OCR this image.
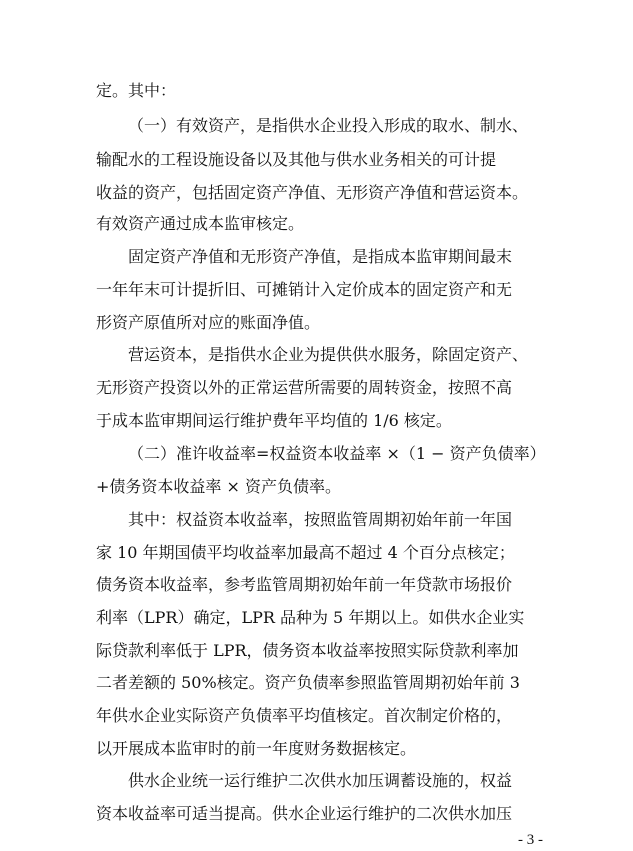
定。其中：
（一）有效资产，是指供水企业投入形成的取水、制水、
输配水的工程设施设备以及其他与供水业务相关的可计提
收益的资产，包括固定资产净值、无形资产净值和营运资本。
有效资产通过成本监审核定。
固定资产净值和无形资产净值，是指成本监审期间最末
一年年末可计提折旧、可摊销计入定价成本的固定资产和无
形资产原值所对应的账面净值。
营运资本，是指供水企业为提供供水服务，除固定资产、
无形资产投资以外的正常运营所需要的周转资金，按照不高
于成本监审期间运行维护费年平均值的 1/6 核定。
（二）准许收益率=权益资本收益率 ×（1 − 资产负债率）
+债务资本收益率 × 资产负债率。
其中：权益资本收益率，按照监管周期初始年前一年国
家 10 年期国债平均收益率加最高不超过 4 个百分点核定；
债务资本收益率，参考监管周期初始年前一年贷款市场报价
利率（LPR）确定，LPR 品种为 5 年期以上。如供水企业实
际贷款利率低于 LPR，债务资本收益率按照实际贷款利率加
二者差额的 50%核定。资产负债率参照监管周期初始年前 3
年供水企业实际资产负债率平均值核定。首次制定价格的，
以开展成本监审时的前一年度财务数据核定。
供水企业统一运行维护二次供水加压调蓄设施的，权益
资本收益率可适当提高。供水企业运行维护的二次供水加压
- 3 -
